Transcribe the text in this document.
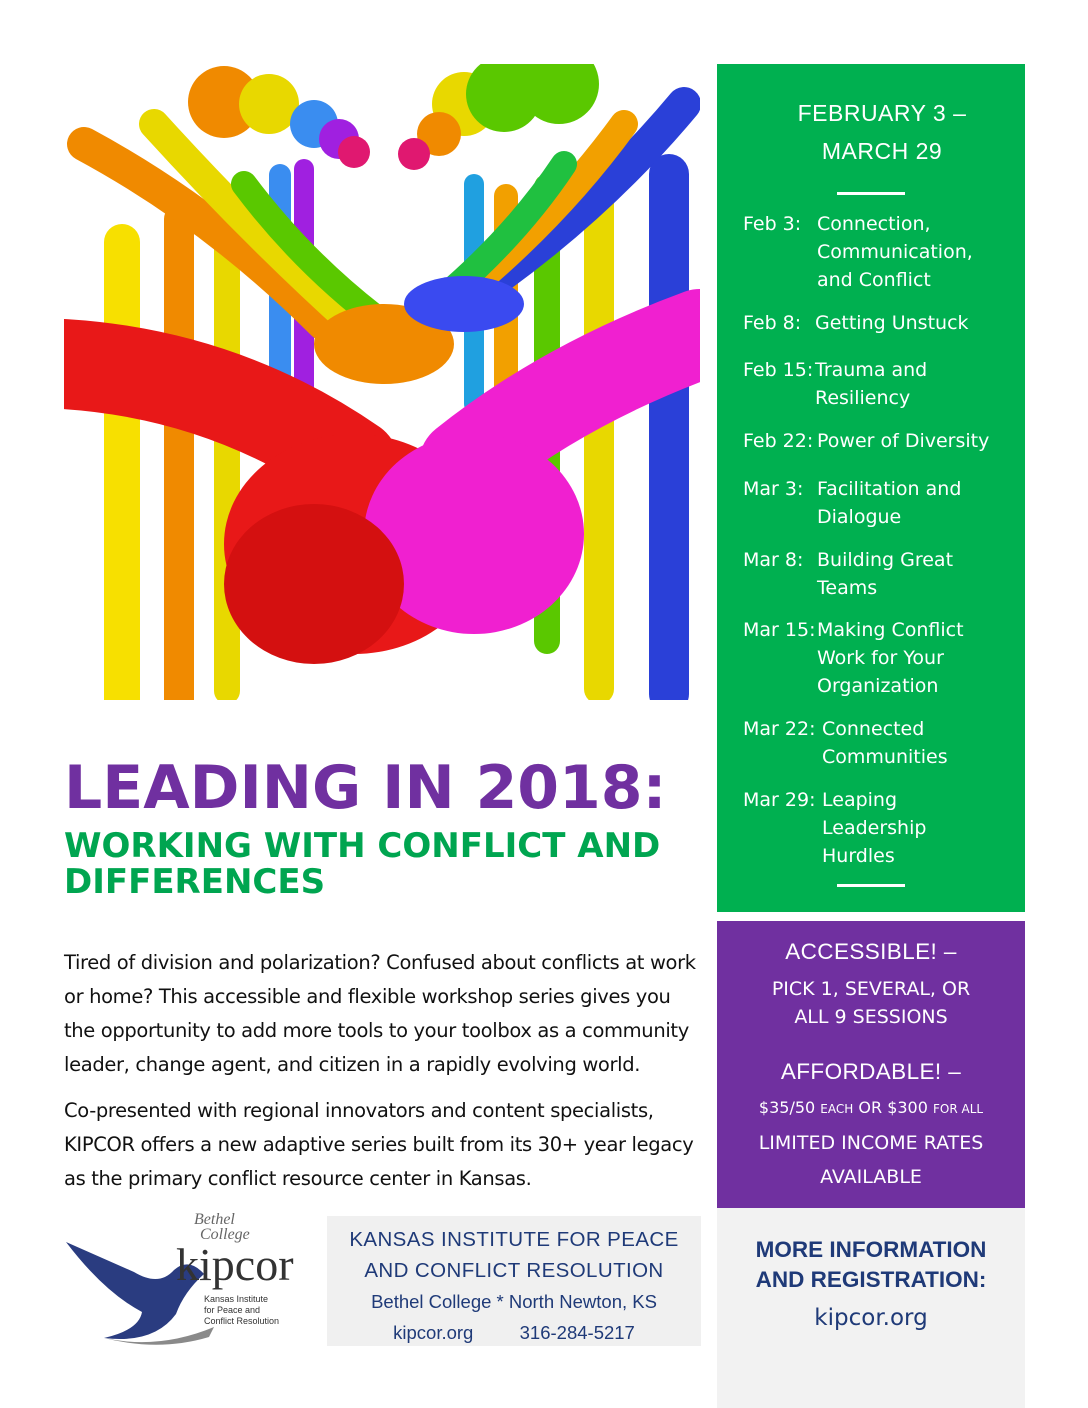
LEADING IN 2018:
WORKING WITH CONFLICT AND
DIFFERENCES

Tired of division and polarization? Confused about conflicts at work or home? This accessible and flexible workshop series gives you the opportunity to add more tools to your toolbox as a community leader, change agent, and citizen in a rapidly evolving world.

Co-presented with regional innovators and content specialists, KIPCOR offers a new adaptive series built from its 30+ year legacy as the primary conflict resource center in Kansas.

Bethel
College
kipcor
Kansas Institute
for Peace and
Conflict Resolution
KANSAS INSTITUTE FOR PEACE
AND CONFLICT RESOLUTION
Bethel College * North Newton, KS
kipcor.org	316-284-5217
FEBRUARY 3 –
MARCH 29
Feb 3: Connection,
Communication,
and Conflict
Feb 8: Getting Unstuck
Feb 15: Trauma and
Resiliency
Feb 22: Power of Diversity
Mar 3: Facilitation and
Dialogue
Mar 8: Building Great
Teams
Mar 15: Making Conflict
Work for Your
Organization
Mar 22: Connected
Communities
Mar 29: Leaping
Leadership
Hurdles
ACCESSIBLE! –
PICK 1, SEVERAL, OR
ALL 9 SESSIONS
AFFORDABLE! –
$35/50 EACH OR $300 FOR ALL
LIMITED INCOME RATES
AVAILABLE
MORE INFORMATION
AND REGISTRATION:
kipcor.org
